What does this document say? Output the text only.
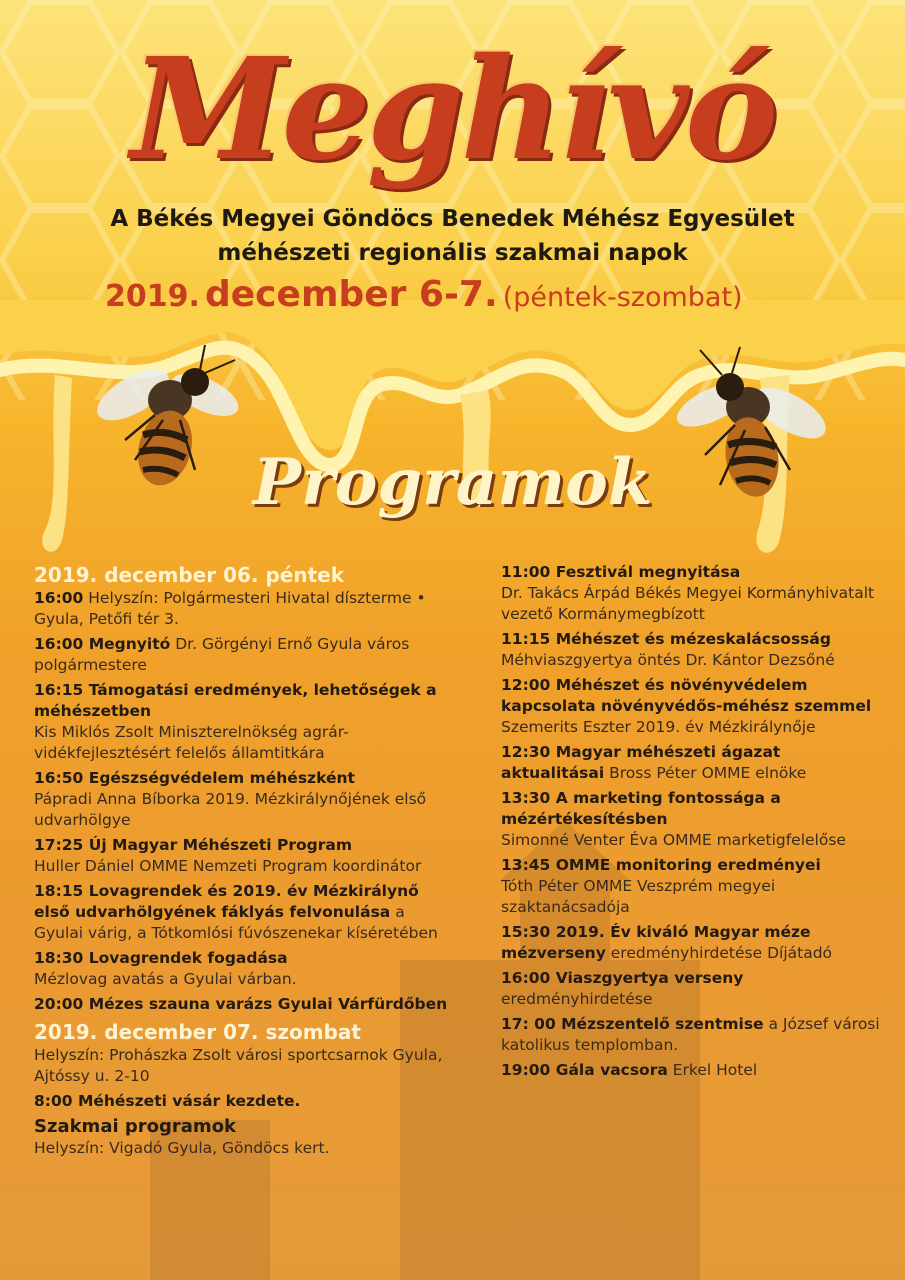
Meghívó
A Békés Megyei Göndöcs Benedek Méhész Egyesület
méhészeti regionális szakmai napok
2019. december 6-7. (péntek-szombat)
Programok
2019. december 06. péntek
16:00 Helyszín: Polgármesteri Hivatal díszterme • Gyula, Petőfi tér 3.
16:00 Megnyitó Dr. Görgényi Ernő Gyula város polgármestere
16:15 Támogatási eredmények, lehetőségek a méhészetben
Kis Miklós Zsolt Miniszterelnökség agrár-vidékfejlesztésért felelős államtitkára
16:50 Egészségvédelem méhészként
Pápradi Anna Bíborka 2019. Mézkirálynőjének első udvarhölgye
17:25 Új Magyar Méhészeti Program
Huller Dániel OMME Nemzeti Program koordinátor
18:15 Lovagrendek és 2019. év Mézkirálynő első udvarhölgyének fáklyás felvonulása a Gyulai várig, a Tótkomlósi fúvószenekar kíséretében
18:30 Lovagrendek fogadása
Mézlovag avatás a Gyulai várban.
20:00 Mézes szauna varázs Gyulai Várfürdőben
2019. december 07. szombat
Helyszín: Prohászka Zsolt városi sportcsarnok Gyula, Ajtóssy u. 2-10
8:00 Méhészeti vásár kezdete.
Szakmai programok
Helyszín: Vigadó Gyula, Göndöcs kert.
11:00 Fesztivál megnyitása
Dr. Takács Árpád Békés Megyei Kormányhivatalt vezető Kormánymegbízott
11:15 Méhészet és mézeskalácsosság
Méhviaszgyertya öntés Dr. Kántor Dezsőné
12:00 Méhészet és növényvédelem kapcsolata növényvédős-méhész szemmel
Szemerits Eszter 2019. év Mézkirálynője
12:30 Magyar méhészeti ágazat aktualitásai Bross Péter OMME elnöke
13:30 A marketing fontossága a mézértékesítésben
Simonné Venter Éva OMME marketigfelelőse
13:45 OMME monitoring eredményei
Tóth Péter OMME Veszprém megyei szaktanácsadója
15:30 2019. Év kiváló Magyar méze mézverseny eredményhirdetése Díjátadó
16:00 Viaszgyertya verseny eredményhirdetése
17: 00 Mézszentelő szentmise a József városi katolikus templomban.
19:00 Gála vacsora Erkel Hotel
